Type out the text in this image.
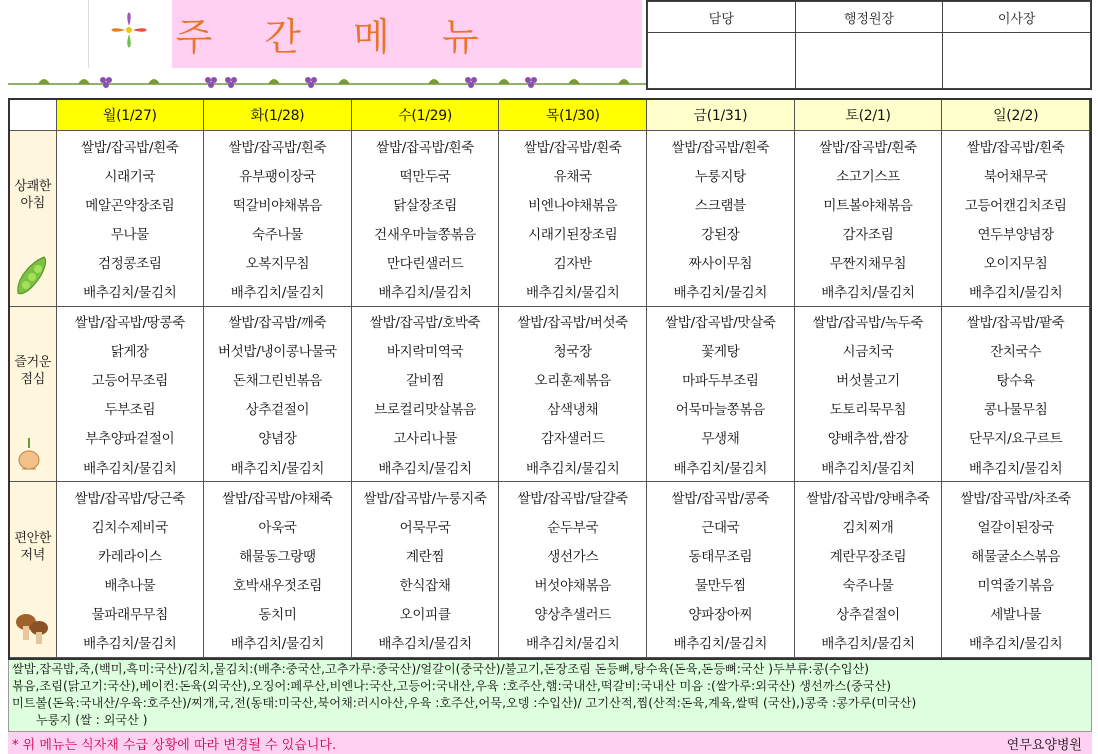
주 간 메 뉴	담당	행정원장	이사장

	월(1/27)	화(1/28)	수(1/29)	목(1/30)	금(1/31)	토(2/1)	일(2/2)

상쾌한
아침	쌀밥/잡곡밥/흰죽	쌀밥/잡곡밥/흰죽	쌀밥/잡곡밥/흰죽	쌀밥/잡곡밥/흰죽	쌀밥/잡곡밥/흰죽	쌀밥/잡곡밥/흰죽	쌀밥/잡곡밥/흰죽
	시래기국	유부팽이장국	떡만두국	유채국	누룽지탕	소고기스프	북어채무국
	메알곤약장조림	떡갈비야채볶음	닭살장조림	비엔나야채볶음	스크램블	미트볼야채볶음	고등어캔김치조림
	무나물	숙주나물	건새우마늘쫑볶음	시래기된장조림	강된장	감자조림	연두부양념장
	검정콩조림	오복지무침	만다린샐러드	김자반	짜사이무침	무짠지채무침	오이지무침
	배추김치/물김치	배추김치/물김치	배추김치/물김치	배추김치/물김치	배추김치/물김치	배추김치/물김치	배추김치/물김치

즐거운
점심	쌀밥/잡곡밥/땅콩죽	쌀밥/잡곡밥/깨죽	쌀밥/잡곡밥/호박죽	쌀밥/잡곡밥/버섯죽	쌀밥/잡곡밥/맛살죽	쌀밥/잡곡밥/녹두죽	쌀밥/잡곡밥/팥죽
	닭게장	버섯밥/냉이콩나물국	바지락미역국	청국장	꽃게탕	시금치국	잔치국수
	고등어무조림	돈채그린빈볶음	갈비찜	오리훈제볶음	마파두부조림	버섯불고기	탕수육
	두부조림	상추겉절이	브로컬리맛살볶음	삼색냉채	어묵마늘쫑볶음	도토리묵무침	콩나물무침
	부추양파겉절이	양념장	고사리나물	감자샐러드	무생채	양배추쌈,쌈장	단무지/요구르트
	배추김치/물김치	배추김치/물김치	배추김치/물김치	배추김치/물김치	배추김치/물김치	배추김치/물김치	배추김치/물김치

편안한
저녁	쌀밥/잡곡밥/당근죽	쌀밥/잡곡밥/야채죽	쌀밥/잡곡밥/누룽지죽	쌀밥/잡곡밥/달걀죽	쌀밥/잡곡밥/콩죽	쌀밥/잡곡밥/양배추죽	쌀밥/잡곡밥/차조죽
	김치수제비국	아욱국	어묵무국	순두부국	근대국	김치찌개	얼갈이된장국
	카레라이스	해물동그랑땡	계란찜	생선가스	동태무조림	계란무장조림	해물굴소스볶음
	배추나물	호박새우젓조림	한식잡채	버섯야채볶음	물만두찜	숙주나물	미역줄기볶음
	물파래무무침	동치미	오이피클	양상추샐러드	양파장아찌	상추겉절이	세발나물
	배추김치/물김치	배추김치/물김치	배추김치/물김치	배추김치/물김치	배추김치/물김치	배추김치/물김치	배추김치/물김치
쌀밥,잡곡밥,죽,(백미,흑미:국산)/김치,물김치:(배추:중국산,고추가루:중국산)/얼갈이(중국산)/불고기,돈장조림 돈등뼈,탕수육(돈육,돈등뼈:국산 )두부류:콩(수입산)
볶음,조림(닭고기:국산),베이컨:돈육(외국산),오징어:페루산,비엔나:국산,고등어:국내산,우육 :호주산,햄:국내산,떡갈비:국내산 미음 :(쌀가루:외국산) 생선까스(중국산)
미트볼(돈육:국내산/우육:호주산)/찌개,국,전(동태:미국산,북어채:러시아산,우육 :호주산,어묵,오뎅 :수입산)/ 고기산적,찜(산적:돈육,계육,쌀떡 (국산),)콩죽 :콩가루(미국산)
누룽지 (쌀 : 외국산 )
* 위 메뉴는 식자재 수급 상황에 따라 변경될 수 있습니다.	연무요양병원
